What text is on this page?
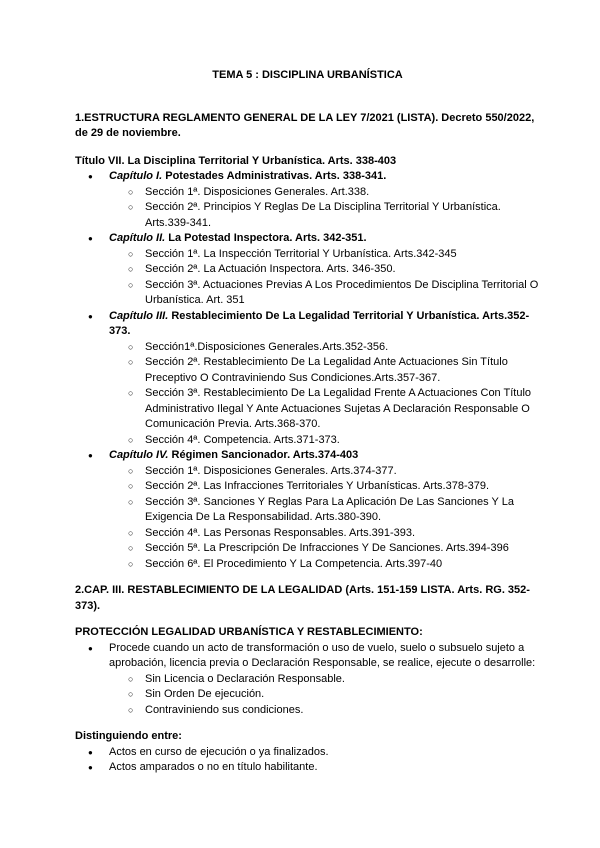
TEMA 5 : DISCIPLINA URBANÍSTICA

1.ESTRUCTURA REGLAMENTO GENERAL DE LA LEY 7/2021 (LISTA). Decreto 550/2022, de 29 de noviembre.

Título VII. La Disciplina Territorial Y Urbanística. Arts. 338-403

● Capítulo I. Potestades Administrativas. Arts. 338-341.
○ Sección 1ª. Disposiciones Generales. Art.338.
○ Sección 2ª. Principios Y Reglas De La Disciplina Territorial Y Urbanística. Arts.339-341.
● Capítulo II. La Potestad Inspectora. Arts. 342-351.
○ Sección 1ª. La Inspección Territorial Y Urbanística. Arts.342-345
○ Sección 2ª. La Actuación Inspectora. Arts. 346-350.
○ Sección 3ª. Actuaciones Previas A Los Procedimientos De Disciplina Territorial O Urbanística. Art. 351
● Capítulo III. Restablecimiento De La Legalidad Territorial Y Urbanística. Arts.352-373.
○ Sección1ª.Disposiciones Generales.Arts.352-356.
○ Sección 2ª. Restablecimiento De La Legalidad Ante Actuaciones Sin Título Preceptivo O Contraviniendo Sus Condiciones.Arts.357-367.
○ Sección 3ª. Restablecimiento De La Legalidad Frente A Actuaciones Con Título Administrativo Ilegal Y Ante Actuaciones Sujetas A Declaración Responsable O Comunicación Previa. Arts.368-370.
○ Sección 4ª. Competencia. Arts.371-373.
● Capítulo IV. Régimen Sancionador. Arts.374-403
○ Sección 1ª. Disposiciones Generales. Arts.374-377.
○ Sección 2ª. Las Infracciones Territoriales Y Urbanísticas. Arts.378-379.
○ Sección 3ª. Sanciones Y Reglas Para La Aplicación De Las Sanciones Y La Exigencia De La Responsabilidad. Arts.380-390.
○ Sección 4ª. Las Personas Responsables. Arts.391-393.
○ Sección 5ª. La Prescripción De Infracciones Y De Sanciones. Arts.394-396
○ Sección 6ª. El Procedimiento Y La Competencia. Arts.397-40

2.CAP. III. RESTABLECIMIENTO DE LA LEGALIDAD (Arts. 151-159 LISTA. Arts. RG. 352-373).

PROTECCIÓN LEGALIDAD URBANÍSTICA Y RESTABLECIMIENTO:

● Procede cuando un acto de transformación o uso de vuelo, suelo o subsuelo sujeto a aprobación, licencia previa o Declaración Responsable, se realice, ejecute o desarrolle:
○ Sin Licencia o Declaración Responsable.
○ Sin Orden De ejecución.
○ Contraviniendo sus condiciones.

Distinguiendo entre:

● Actos en curso de ejecución o ya finalizados.
● Actos amparados o no en título habilitante.
